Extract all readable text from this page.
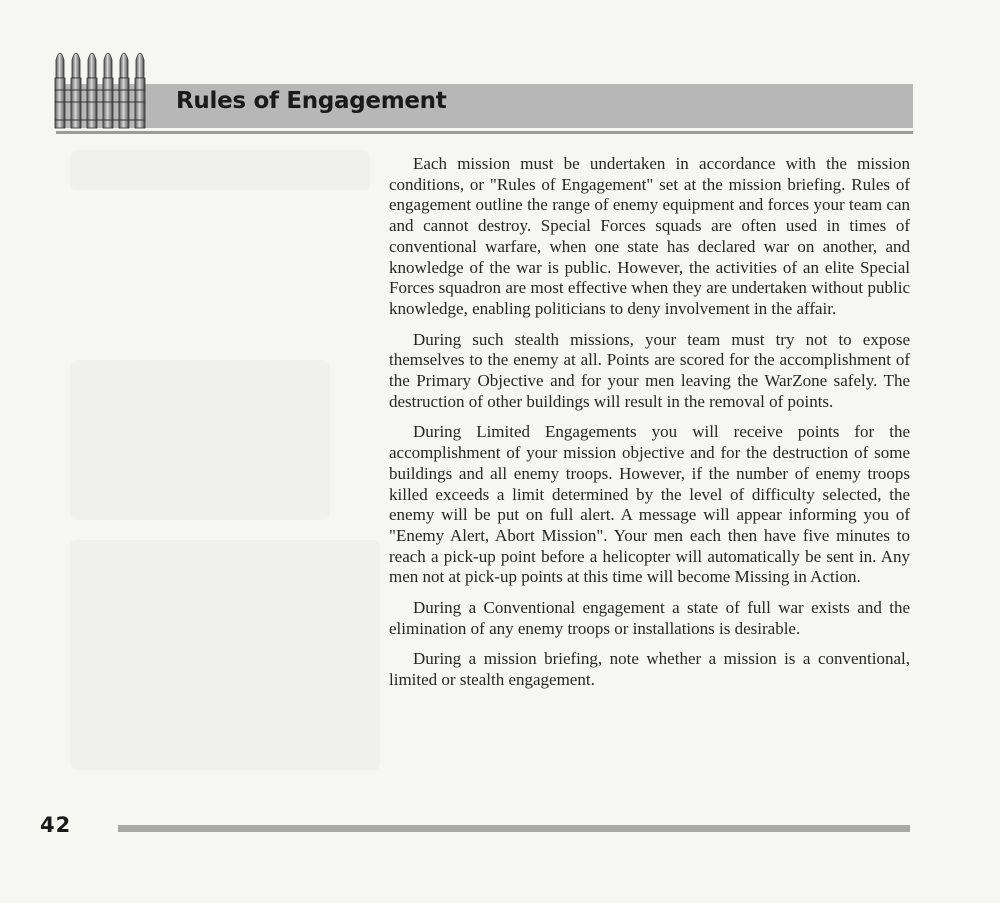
Rules of Engagement

Each mission must be undertaken in accordance with the mission conditions, or "Rules of Engagement" set at the mission briefing. Rules of engagement outline the range of enemy equipment and forces your team can and cannot destroy. Special Forces squads are often used in times of conventional warfare, when one state has declared war on another, and knowledge of the war is public. However, the activities of an elite Special Forces squadron are most effective when they are undertaken without public knowledge, enabling politicians to deny involvement in the affair.

During such stealth missions, your team must try not to expose themselves to the enemy at all. Points are scored for the accomplishment of the Primary Objective and for your men leaving the WarZone safely. The destruction of other buildings will result in the removal of points.

During Limited Engagements you will receive points for the accomplishment of your mission objective and for the destruction of some buildings and all enemy troops. However, if the number of enemy troops killed exceeds a limit determined by the level of difficulty selected, the enemy will be put on full alert. A message will appear informing you of "Enemy Alert, Abort Mission". Your men each then have five minutes to reach a pick-up point before a helicopter will automatically be sent in. Any men not at pick-up points at this time will become Missing in Action.

During a Conventional engagement a state of full war exists and the elimination of any enemy troops or installations is desirable.

During a mission briefing, note whether a mission is a conventional, limited or stealth engagement.

42
